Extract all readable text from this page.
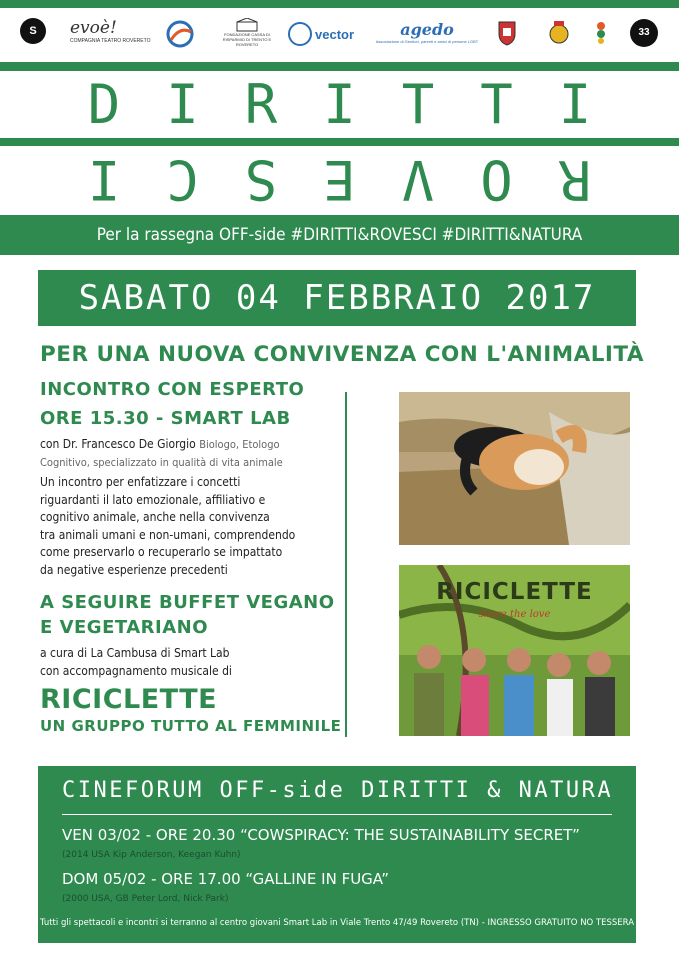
S	evoè!
COMPAGNIA TEATRO ROVERETO
FONDAZIONE CASSA DI RISPARMIO DI TRENTO E ROVERETO
vector	agedo
Associazione di Genitori, parenti e amici di persone LGBT
33
DIRITTI
ROVESCI
Per la rassegna OFF-side #DIRITTI&ROVESCI #DIRITTI&NATURA
SABATO 04 FEBBRAIO 2017
PER UNA NUOVA CONVIVENZA CON L'ANIMALITÀ
INCONTRO CON ESPERTO
ORE 15.30 - SMART LAB
con Dr. Francesco De Giorgio Biologo, Etologo
Cognitivo, specializzato in qualità di vita animale
Un incontro per enfatizzare i concetti
riguardanti il lato emozionale, affiliativo e
cognitivo animale, anche nella convivenza
tra animali umani e non-umani, comprendendo
come preservarlo o recuperarlo se impattato
da negative esperienze precedenti
A SEGUIRE BUFFET VEGANO
E VEGETARIANO
a cura di La Cambusa di Smart Lab
con accompagnamento musicale di
RICICLETTE
UN GRUPPO TUTTO AL FEMMINILE
RICICLETTE
share the love
CINEFORUM OFF-side DIRITTI & NATURA
VEN 03/02 - ORE 20.30 “COWSPIRACY: THE SUSTAINABILITY SECRET”
(2014 USA Kip Anderson, Keegan Kuhn)
DOM 05/02 - ORE 17.00 “GALLINE IN FUGA”
(2000 USA, GB Peter Lord, Nick Park)
Tutti gli spettacoli e incontri si terranno al centro giovani Smart Lab in Viale Trento 47/49 Rovereto (TN) - INGRESSO GRATUITO NO TESSERA
